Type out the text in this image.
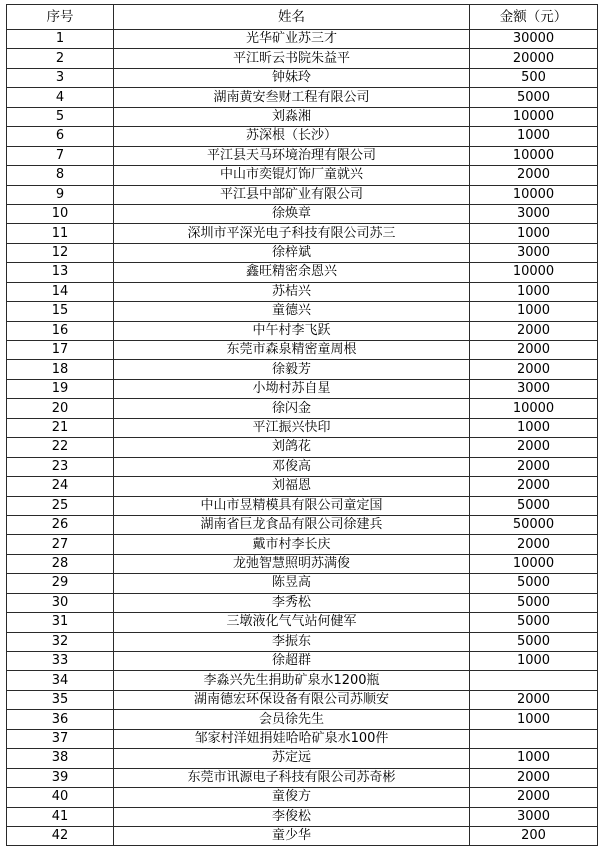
序号	姓名	金额（元）
1	光华矿业苏三才	30000
2	平江昕云书院朱益平	20000
3	钟妹玲	500
4	湖南黄安叁财工程有限公司	5000
5	刘淼湘	10000
6	苏深根（长沙）	1000
7	平江县天马环境治理有限公司	10000
8	中山市奕锟灯饰厂童就兴	2000
9	平江县中部矿业有限公司	10000
10	徐焕章	3000
11	深圳市平深光电子科技有限公司苏三	1000
12	徐梓斌	3000
13	鑫旺精密余恩兴	10000
14	苏桔兴	1000
15	童德兴	1000
16	中午村李飞跃	2000
17	东莞市森泉精密童周根	2000
18	徐毅芳	2000
19	小坳村苏自星	3000
20	徐闪金	10000
21	平江振兴快印	1000
22	刘鸽花	2000
23	邓俊高	2000
24	刘福恩	2000
25	中山市昱精模具有限公司童定国	5000
26	湖南省巨龙食品有限公司徐建兵	50000
27	戴市村李长庆	2000
28	龙弛智慧照明苏满俊	10000
29	陈昱高	5000
30	李秀松	5000
31	三墩液化气气站何健军	5000
32	李振东	5000
33	徐超群	1000
34	李淼兴先生捐助矿泉水1200瓶	
35	湖南德宏环保设备有限公司苏顺安	2000
36	会员徐先生	1000
37	邹家村洋妞捐娃哈哈矿泉水100件	
38	苏定远	1000
39	东莞市讯源电子科技有限公司苏奇彬	2000
40	童俊方	2000
41	李俊松	3000
42	童少华	200
